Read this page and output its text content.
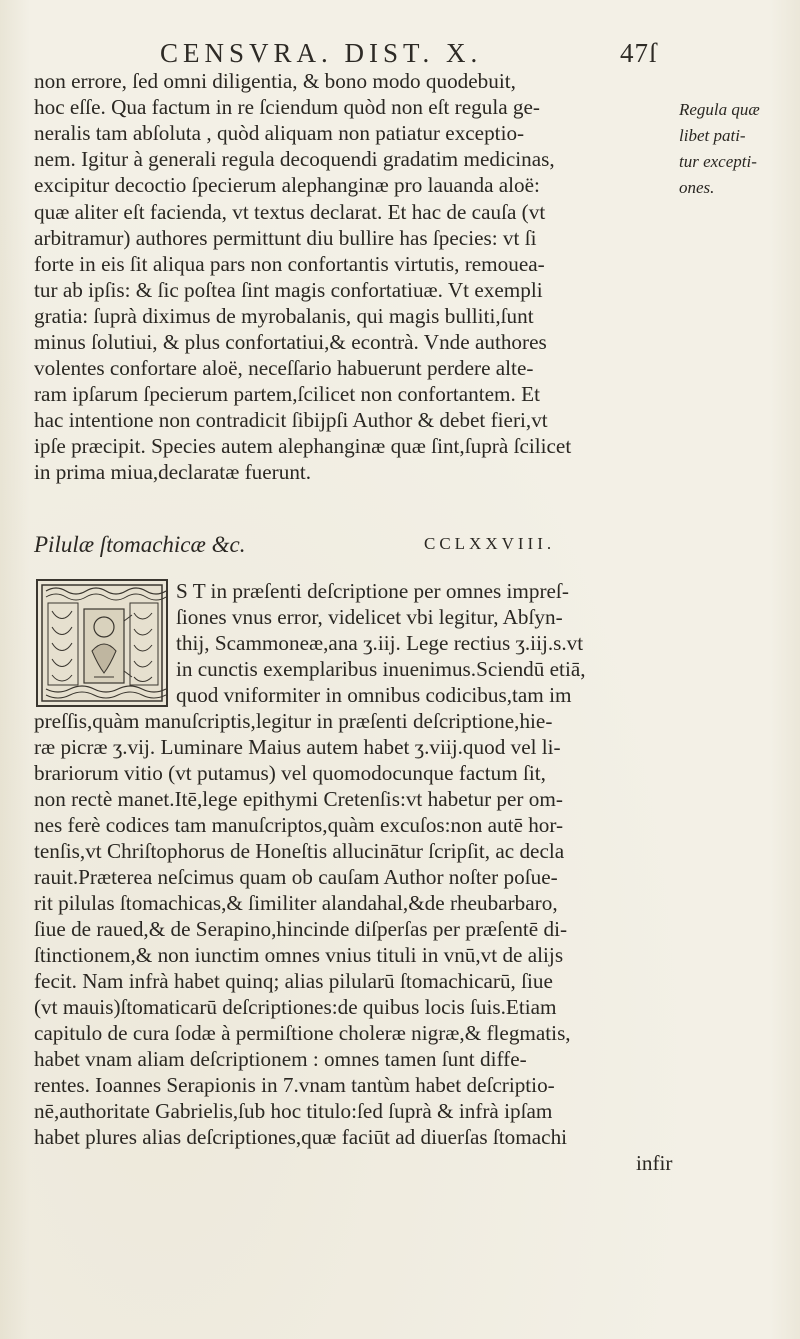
CENSVRA. DIST. X.	47ſ
non errore, ſed omni diligentia, & bono modo quodebuit,
hoc eſſe. Qua factum in re ſciendum quòd non eſt regula ge-
neralis tam abſoluta , quòd aliquam non patiatur exceptio-
nem. Igitur à generali regula decoquendi gradatim medicinas,
excipitur decoctio ſpecierum alephanginæ pro lauanda aloë:
quæ aliter eſt facienda, vt textus declarat. Et hac de cauſa (vt
arbitramur) authores permittunt diu bullire has ſpecies: vt ſi
forte in eis ſit aliqua pars non confortantis virtutis, remouea-
tur ab ipſis: & ſic poſtea ſint magis confortatiuæ. Vt exempli
gratia: ſuprà diximus de myrobalanis, qui magis bulliti,ſunt
minus ſolutiui, & plus confortatiui,& econtrà. Vnde authores
volentes confortare aloë, neceſſario habuerunt perdere alte-
ram ipſarum ſpecierum partem,ſcilicet non confortantem. Et
hac intentione non contradicit ſibijpſi Author & debet fieri,vt
ipſe præcipit. Species autem alephanginæ quæ ſint,ſuprà ſcilicet
in prima miua,declaratæ fuerunt.
Regula quæ
libet pati-
tur excepti-
ones.
Pilulæ ſtomachicæ &c.	CCLXXVIII.
S T in præſenti deſcriptione per omnes impreſ-
ſiones vnus error, videlicet vbi legitur, Abſyn-
thij, Scammoneæ,ana ʒ.iij. Lege rectius ʒ.iij.s.vt
in cunctis exemplaribus inuenimus.Sciendū etiā,
quod vniformiter in omnibus codicibus,tam im
preſſis,quàm manuſcriptis,legitur in præſenti deſcriptione,hie-
ræ picræ ʒ.vij. Luminare Maius autem habet ʒ.viij.quod vel li-
brariorum vitio (vt putamus) vel quomodocunque factum ſit,
non rectè manet.Itē,lege epithymi Cretenſis:vt habetur per om-
nes ferè codices tam manuſcriptos,quàm excuſos:non autē hor-
tenſis,vt Chriſtophorus de Honeſtis allucinātur ſcripſit, ac decla
rauit.Præterea neſcimus quam ob cauſam Author noſter poſue-
rit pilulas ſtomachicas,& ſimiliter alandahal,&de rheubarbaro,
ſiue de raued,& de Serapino,hincinde diſperſas per præſentē di-
ſtinctionem,& non iunctim omnes vnius tituli in vnū,vt de alijs
fecit. Nam infrà habet quinq; alias pilularū ſtomachicarū, ſiue
(vt mauis)ſtomaticarū deſcriptiones:de quibus locis ſuis.Etiam
capitulo de cura ſodæ à permiſtione choleræ nigræ,& flegmatis,
habet vnam aliam deſcriptionem : omnes tamen ſunt diffe-
rentes. Ioannes Serapionis in 7.vnam tantùm habet deſcriptio-
nē,authoritate Gabrielis,ſub hoc titulo:ſed ſuprà & infrà ipſam
habet plures alias deſcriptiones,quæ faciūt ad diuerſas ſtomachi
infir
